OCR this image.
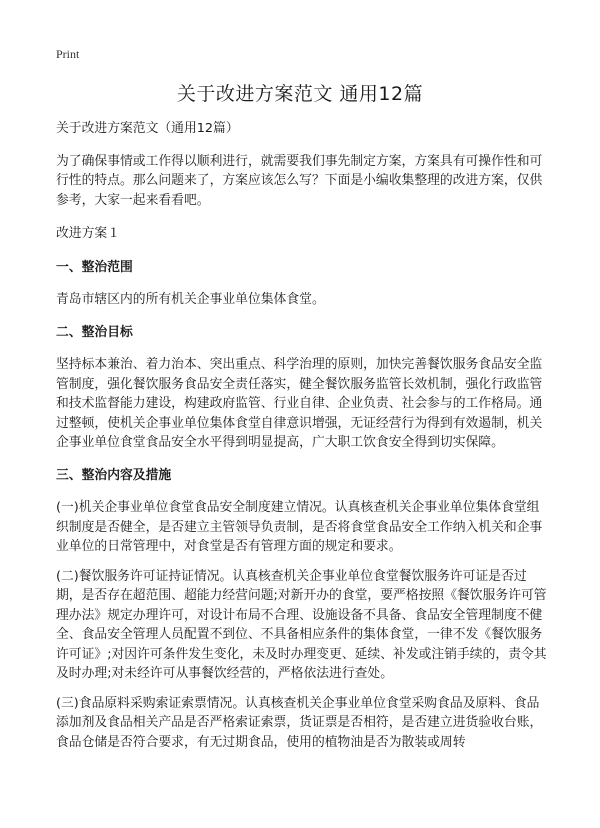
Print
关于改进方案范文 通用12篇

关于改进方案范文（通用12篇）

为了确保事情或工作得以顺利进行，就需要我们事先制定方案，方案具有可操作性和可行性的特点。那么问题来了，方案应该怎么写？下面是小编收集整理的改进方案，仅供参考，大家一起来看看吧。

改进方案１

一、整治范围

青岛市辖区内的所有机关企事业单位集体食堂。

二、整治目标

坚持标本兼治、着力治本、突出重点、科学治理的原则，加快完善餐饮服务食品安全监管制度，强化餐饮服务食品安全责任落实，健全餐饮服务监管长效机制，强化行政监管和技术监督能力建设，构建政府监管、行业自律、企业负责、社会参与的工作格局。通过整顿，使机关企事业单位集体食堂自律意识增强，无证经营行为得到有效遏制，机关企事业单位食堂食品安全水平得到明显提高，广大职工饮食安全得到切实保障。

三、整治内容及措施

(一)机关企事业单位食堂食品安全制度建立情况。认真核查机关企事业单位集体食堂组织制度是否健全，是否建立主管领导负责制，是否将食堂食品安全工作纳入机关和企事业单位的日常管理中，对食堂是否有管理方面的规定和要求。

(二)餐饮服务许可证持证情况。认真核查机关企事业单位食堂餐饮服务许可证是否过期，是否存在超范围、超能力经营问题;对新开办的食堂，要严格按照《餐饮服务许可管理办法》规定办理许可，对设计布局不合理、设施设备不具备、食品安全管理制度不健全、食品安全管理人员配置不到位、不具备相应条件的集体食堂，一律不发《餐饮服务许可证》;对因许可条件发生变化，未及时办理变更、延续、补发或注销手续的，责令其及时办理;对未经许可从事餐饮经营的，严格依法进行查处。

(三)食品原料采购索证索票情况。认真核查机关企事业单位食堂采购食品及原料、食品添加剂及食品相关产品是否严格索证索票，货证票是否相符，是否建立进货验收台账，食品仓储是否符合要求，有无过期食品，使用的植物油是否为散装或周转
